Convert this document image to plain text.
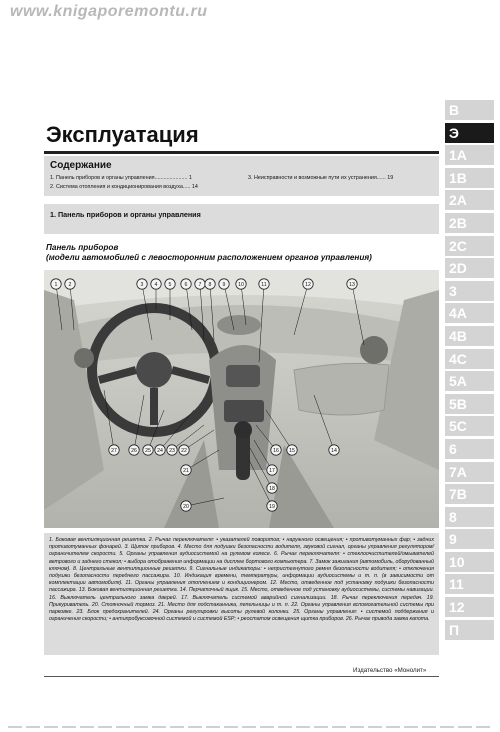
www.knigaporemontu.ru
В
Э
1A
1B
2A
2B
2C
2D
3
4A
4B
4C
5A
5B
5C
6
7A
7B
8
9
10
11
12
П
Эксплуатация
Содержание
1. Панель приборов и органы управления...................... 1
2. Система отопления и кондиционирования воздуха..... 14
3. Неисправности и возможные пути их устранения...... 19
1. Панель приборов и органы управления
Панель приборов
(модели автомобилей с левосторонним расположением органов управления)
1 2	3 4 5	6 7 8 9 10	11	12	13
14
15
16
17
18
19
20
21
22
23
24
25
26
27
1. Боковая вентиляционная решетка. 2. Рычаг переключателя: • указателей поворотов; • наружного освещения; • противотуманных фар; • задних противотуманных фонарей. 3. Щиток приборов. 4. Место для подушки безопасности водителя, звуковой сигнал, органы управления регулятором/ограничителем скорости. 5. Органы управления аудиосистемой на рулевом колесе. 6. Рычаг переключателя: • стеклоочистителей/омывателей ветрового и заднего стекол; • выбора отображения информации на дисплее бортового компьютера. 7. Замок зажигания (автомобиль, оборудованный ключом). 8. Центральные вентиляционные решетки. 9. Сигнальные индикаторы: • непристегнутого ремня безопасности водителя; • отключения подушки безопасности переднего пассажира. 10. Индикация времени, температуры, информации аудиосистемы и т. п. (в зависимости от комплектации автомобиля). 11. Органы управления отоплением и кондиционером. 12. Место, отведенное под установку подушки безопасности пассажира. 13. Боковая вентиляционная решетка. 14. Перчаточный ящик. 15. Место, отведенное под установку аудиосистемы, системы навигации. 16. Выключатель центрального замка дверей. 17. Выключатель системой аварийной сигнализации. 18. Рычаг переключения передач. 19. Прикуриватель. 20. Стояночный тормоз. 21. Место для подстаканника, пепельницы и т. п. 22. Органы управления вспомогательной системы при парковке. 23. Блок предохранителей. 24. Органы регулировки высоты рулевой колонки. 25. Органы управления: • системой поддержания и ограничения скорости; • антипробуксовочной системой и системой ESP; • реостатом освещения щитка приборов. 26. Рычаг привода замка капота.
Издательство «Монолит»
